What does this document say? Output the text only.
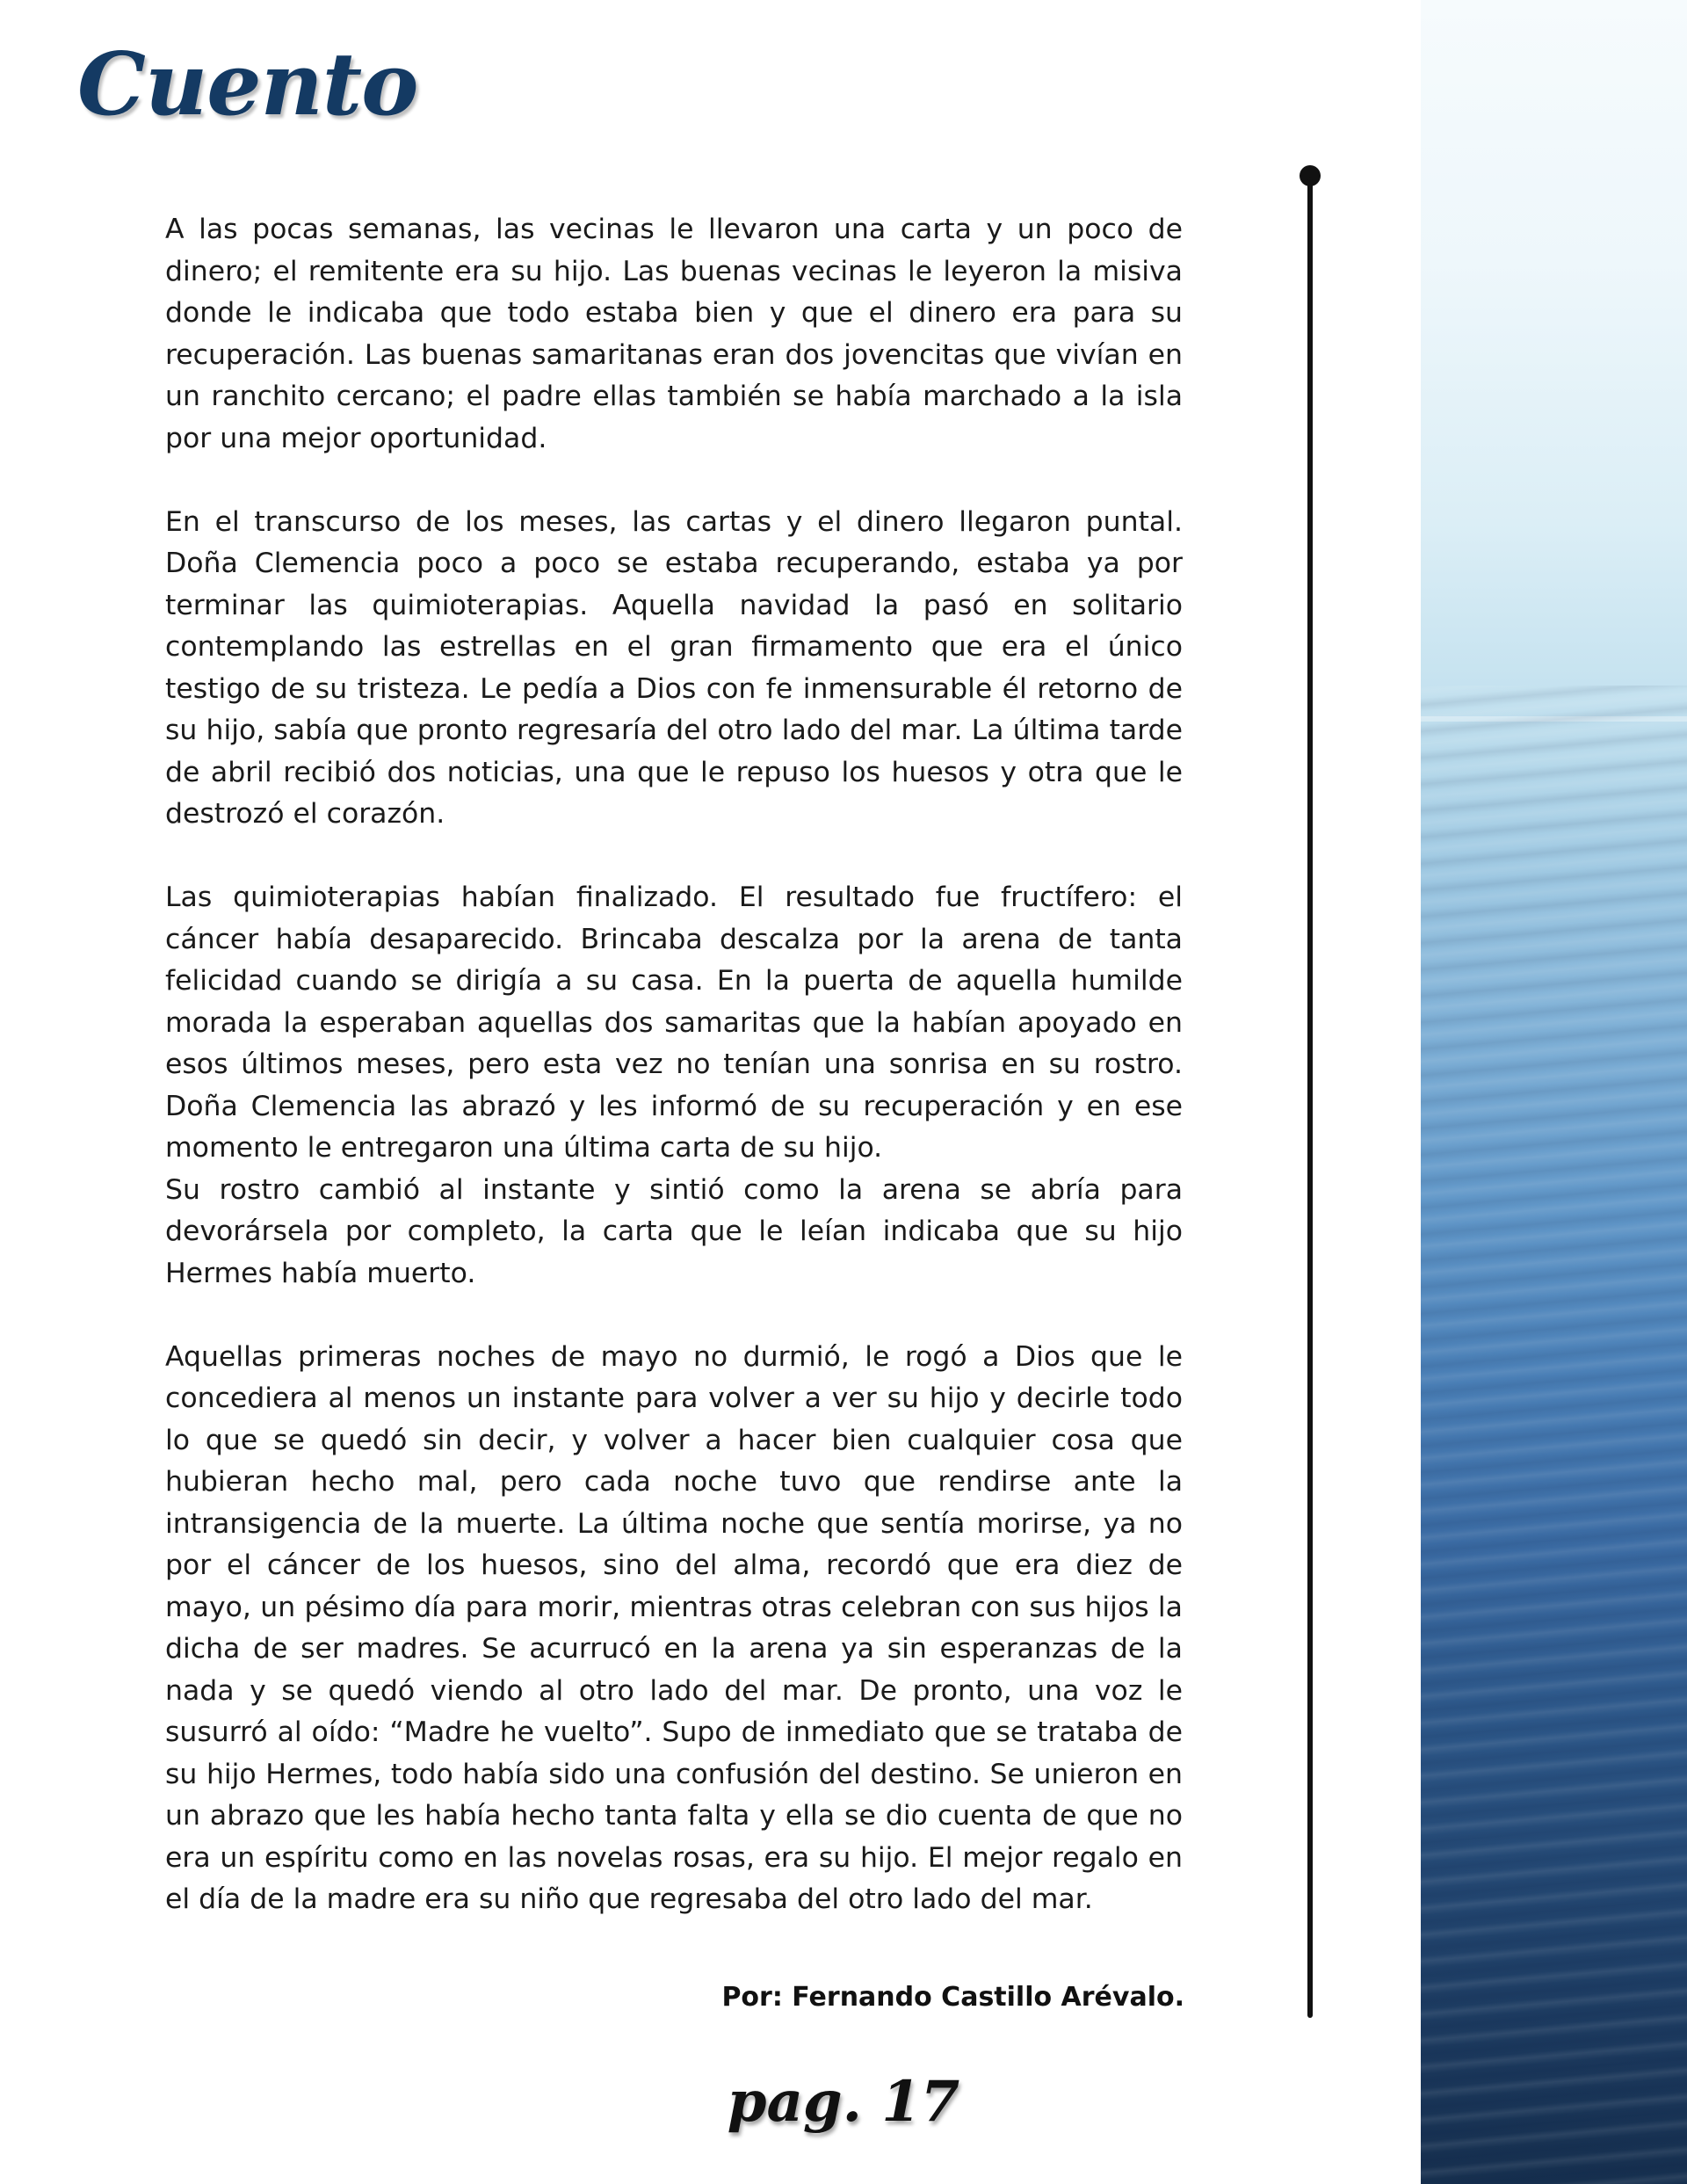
Cuento

A las pocas semanas, las vecinas le llevaron una carta y un poco de dinero; el remitente era su hijo. Las buenas vecinas le leyeron la misiva donde le indicaba que todo estaba bien y que el dinero era para su recuperación. Las buenas samaritanas eran dos jovencitas que vivían en un ranchito cercano; el padre ellas también se había marchado a la isla por una mejor oportunidad.

En el transcurso de los meses, las cartas y el dinero llegaron puntal. Doña Clemencia poco a poco se estaba recuperando, estaba ya por terminar las quimioterapias. Aquella navidad la pasó en solitario contemplando las estrellas en el gran firmamento que era el único testigo de su tristeza. Le pedía a Dios con fe inmensurable él retorno de su hijo, sabía que pronto regresaría del otro lado del mar. La última tarde de abril recibió dos noticias, una que le repuso los huesos y otra que le destrozó el corazón.

Las quimioterapias habían finalizado. El resultado fue fructífero: el cáncer había desaparecido. Brincaba descalza por la arena de tanta felicidad cuando se dirigía a su casa. En la puerta de aquella humilde morada la esperaban aquellas dos samaritas que la habían apoyado en esos últimos meses, pero esta vez no tenían una sonrisa en su rostro. Doña Clemencia las abrazó y les informó de su recuperación y en ese momento le entregaron una última carta de su hijo.

Su rostro cambió al instante y sintió como la arena se abría para devorársela por completo, la carta que le leían indicaba que su hijo Hermes había muerto.

Aquellas primeras noches de mayo no durmió, le rogó a Dios que le concediera al menos un instante para volver a ver su hijo y decirle todo lo que se quedó sin decir, y volver a hacer bien cualquier cosa que hubieran hecho mal, pero cada noche tuvo que rendirse ante la intransigencia de la muerte. La última noche que sentía morirse, ya no por el cáncer de los huesos, sino del alma, recordó que era diez de mayo, un pésimo día para morir, mientras otras celebran con sus hijos la dicha de ser madres. Se acurrucó en la arena ya sin esperanzas de la nada y se quedó viendo al otro lado del mar. De pronto, una voz le susurró al oído: “Madre he vuelto”. Supo de inmediato que se trataba de su hijo Hermes, todo había sido una confusión del destino. Se unieron en un abrazo que les había hecho tanta falta y ella se dio cuenta de que no era un espíritu como en las novelas rosas, era su hijo. El mejor regalo en el día de la madre era su niño que regresaba del otro lado del mar.

Por: Fernando Castillo Arévalo.
pag. 17
